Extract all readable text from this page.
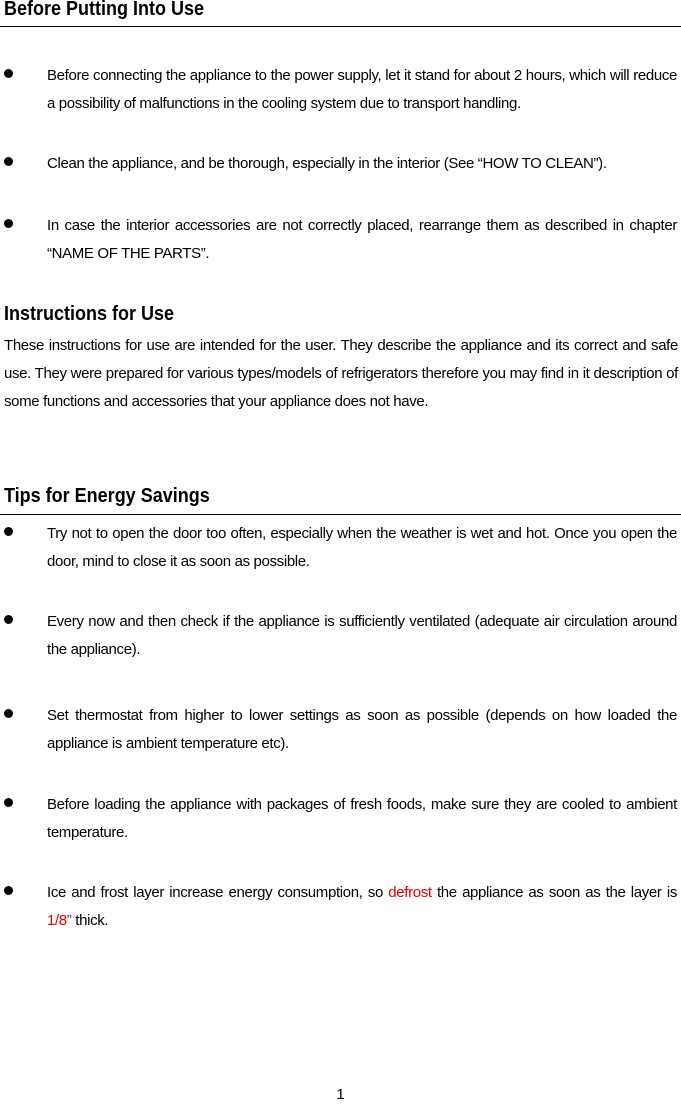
Before Putting Into Use
Before connecting the appliance to the power supply, let it stand for about 2 hours, which will reduce a possibility of malfunctions in the cooling system due to transport handling.
Clean the appliance, and be thorough, especially in the interior (See “HOW TO CLEAN”).
In case the interior accessories are not correctly placed, rearrange them as described in chapter “NAME OF THE PARTS”.
Instructions for Use
These instructions for use are intended for the user. They describe the appliance and its correct and safe use. They were prepared for various types/models of refrigerators therefore you may find in it description of some functions and accessories that your appliance does not have.
Tips for Energy Savings
Try not to open the door too often, especially when the weather is wet and hot. Once you open the door, mind to close it as soon as possible.
Every now and then check if the appliance is sufficiently ventilated (adequate air circulation around the appliance).
Set thermostat from higher to lower settings as soon as possible (depends on how loaded the appliance is ambient temperature etc).
Before loading the appliance with packages of fresh foods, make sure they are cooled to ambient temperature.
Ice and frost layer increase energy consumption, so defrost the appliance as soon as the layer is 1/8” thick.
1
